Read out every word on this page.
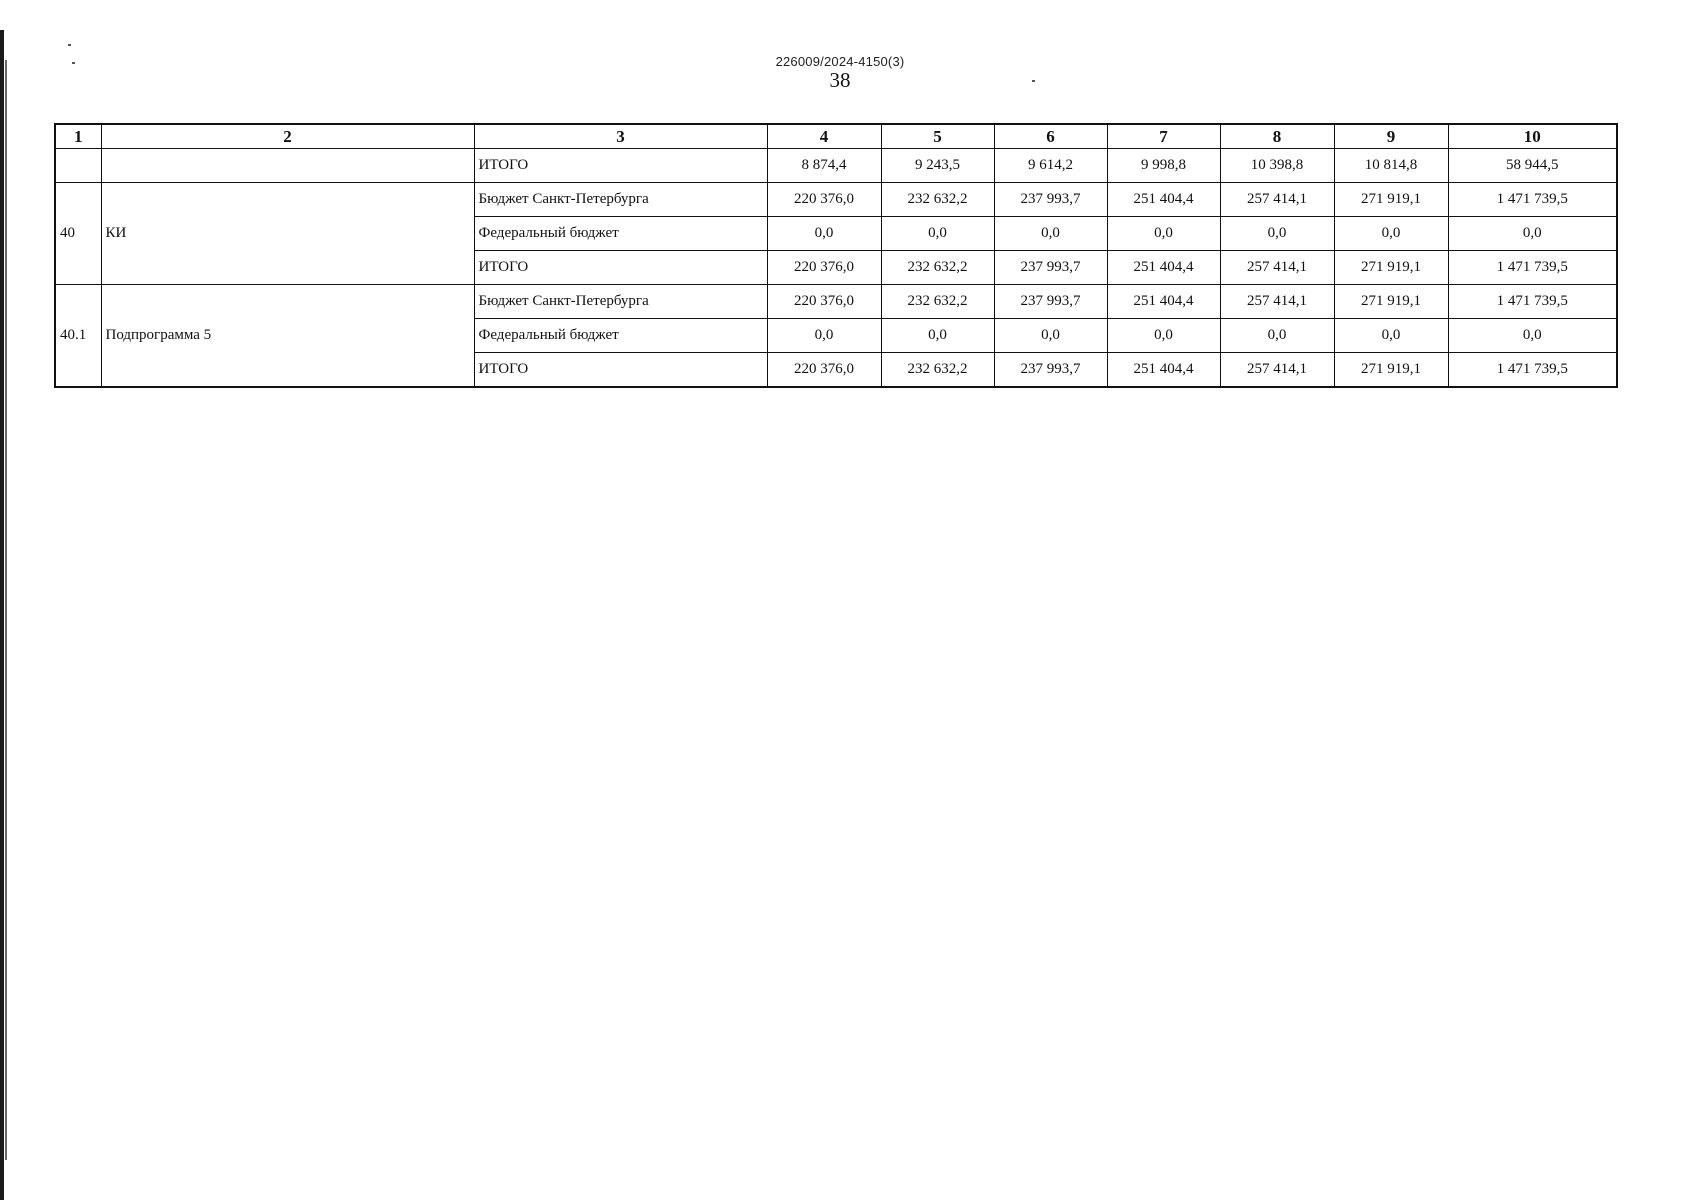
226009/2024-4150(3)
38
1	2	3	4	5	6	7	8	9	10
		ИТОГО	8 874,4	9 243,5	9 614,2	9 998,8	10 398,8	10 814,8	58 944,5
40	КИ	Бюджет Санкт-Петербурга	220 376,0	232 632,2	237 993,7	251 404,4	257 414,1	271 919,1	1 471 739,5
		Федеральный бюджет	0,0	0,0	0,0	0,0	0,0	0,0	0,0
		ИТОГО	220 376,0	232 632,2	237 993,7	251 404,4	257 414,1	271 919,1	1 471 739,5
40.1	Подпрограмма 5	Бюджет Санкт-Петербурга	220 376,0	232 632,2	237 993,7	251 404,4	257 414,1	271 919,1	1 471 739,5
		Федеральный бюджет	0,0	0,0	0,0	0,0	0,0	0,0	0,0
		ИТОГО	220 376,0	232 632,2	237 993,7	251 404,4	257 414,1	271 919,1	1 471 739,5
